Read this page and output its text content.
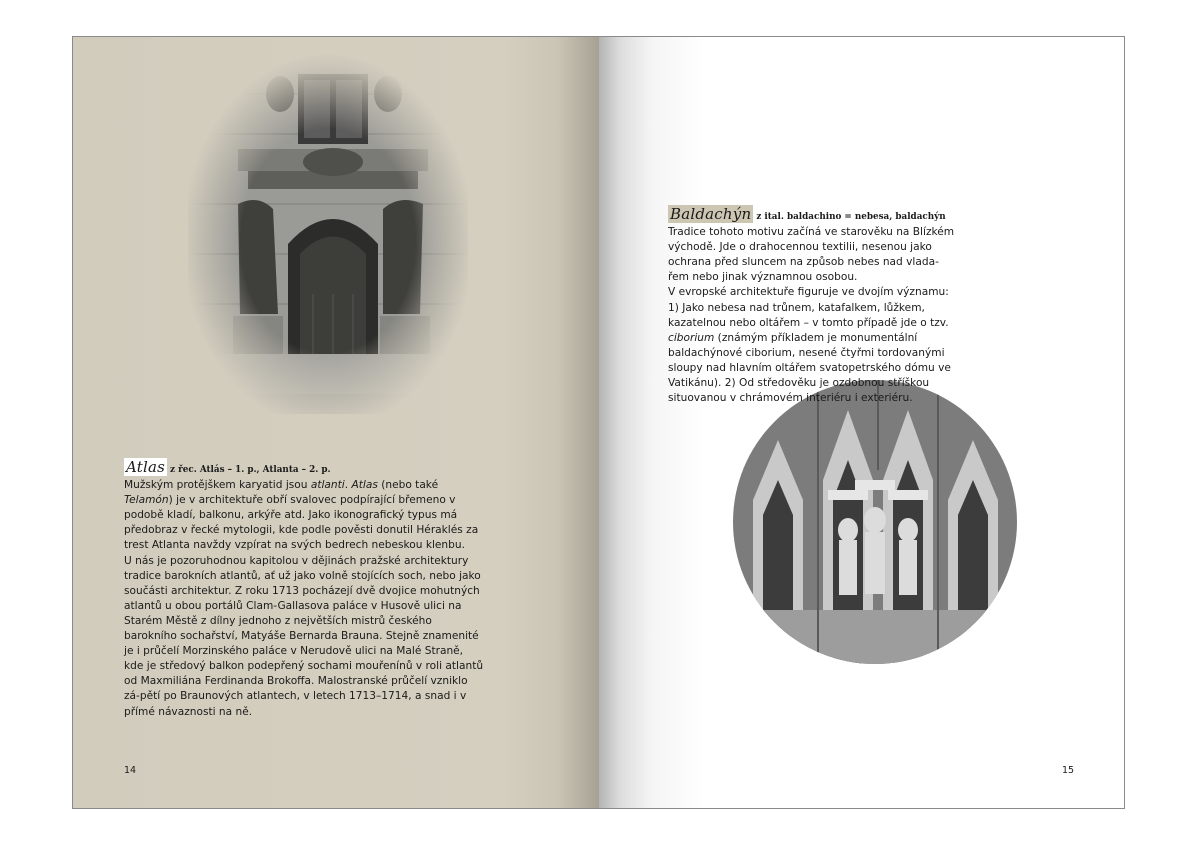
Atlas z řec. Atlás – 1. p., Atlanta – 2. p.
Mužským protějškem karyatid jsou atlanti. Atlas (nebo také Telamón) je v architektuře obří svalovec podpírající břemeno v podobě kladí, balkonu, arkýře atd. Jako ikonografický typus má předobraz v řecké mytologii, kde podle pověsti donutil Héraklés za trest Atlanta navždy vzpírat na svých bedrech nebeskou klenbu.
U nás je pozoruhodnou kapitolou v dějinách pražské architektury tradice barokních atlantů, ať už jako volně stojících soch, nebo jako součásti architektur. Z roku 1713 pocházejí dvě dvojice mohutných atlantů u obou portálů Clam-Gallasova paláce v Husově ulici na Starém Městě z dílny jednoho z největších mistrů českého barokního sochařství, Matyáše Bernarda Brauna. Stejně znamenité je i průčelí Morzinského paláce v Nerudově ulici na Malé Straně, kde je středový balkon podepřený sochami mouřenínů v roli atlantů od Maxmiliána Ferdinanda Brokoffa. Malostranské průčelí vzniklo zá-pětí po Braunových atlantech, v letech 1713–1714, a snad i v přímé návaznosti na ně.
Baldachýn z ital. baldachino = nebesa, baldachýn
Tradice tohoto motivu začíná ve starověku na Blízkém východě. Jde o drahocennou textilii, nesenou jako ochrana před sluncem na způsob nebes nad vlada-řem nebo jinak významnou osobou.
V evropské architektuře figuruje ve dvojím významu: 1) Jako nebesa nad trůnem, katafalkem, lůžkem, kazatelnou nebo oltářem – v tomto případě jde o tzv. ciborium (známým příkladem je monumentální baldachýnové ciborium, nesené čtyřmi tordovanými sloupy nad hlavním oltářem svatopetrského dómu ve Vatikánu). 2) Od středověku je ozdobnou stříškou situovanou v chrámovém interiéru i exteriéru.
14	15
